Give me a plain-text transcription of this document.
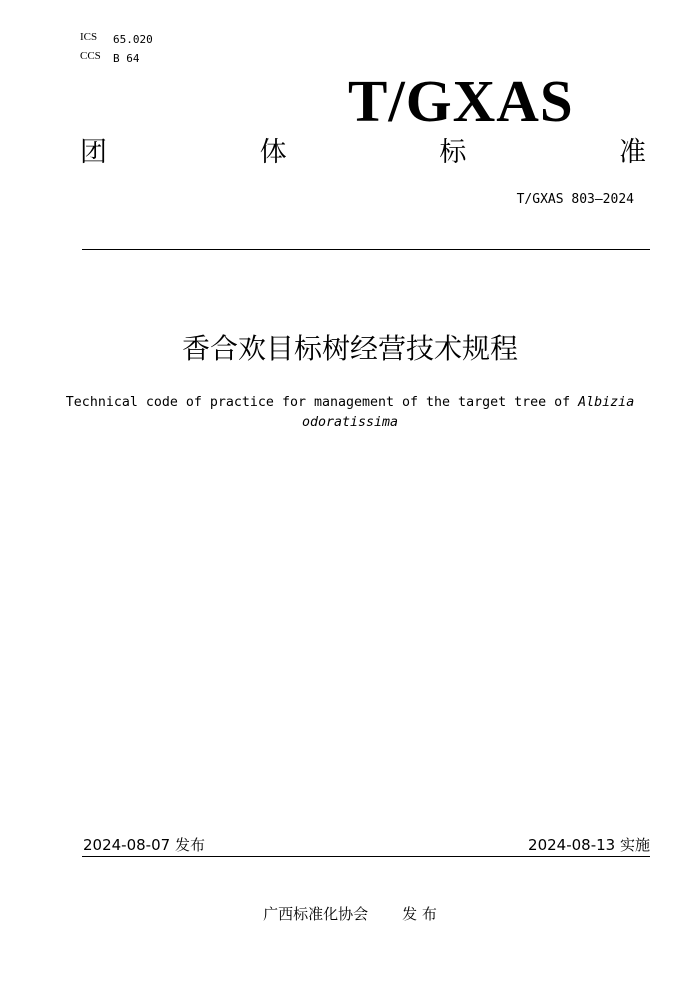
ICS 65.020
CCS B 64
T/GXAS
团	体	标	准
T/GXAS 803—2024
香合欢目标树经营技术规程
Technical code of practice for management of the target tree of Albizia odoratissima
2024-08-07 发布	2024-08-13 实施
广西标准化协会 发 布
